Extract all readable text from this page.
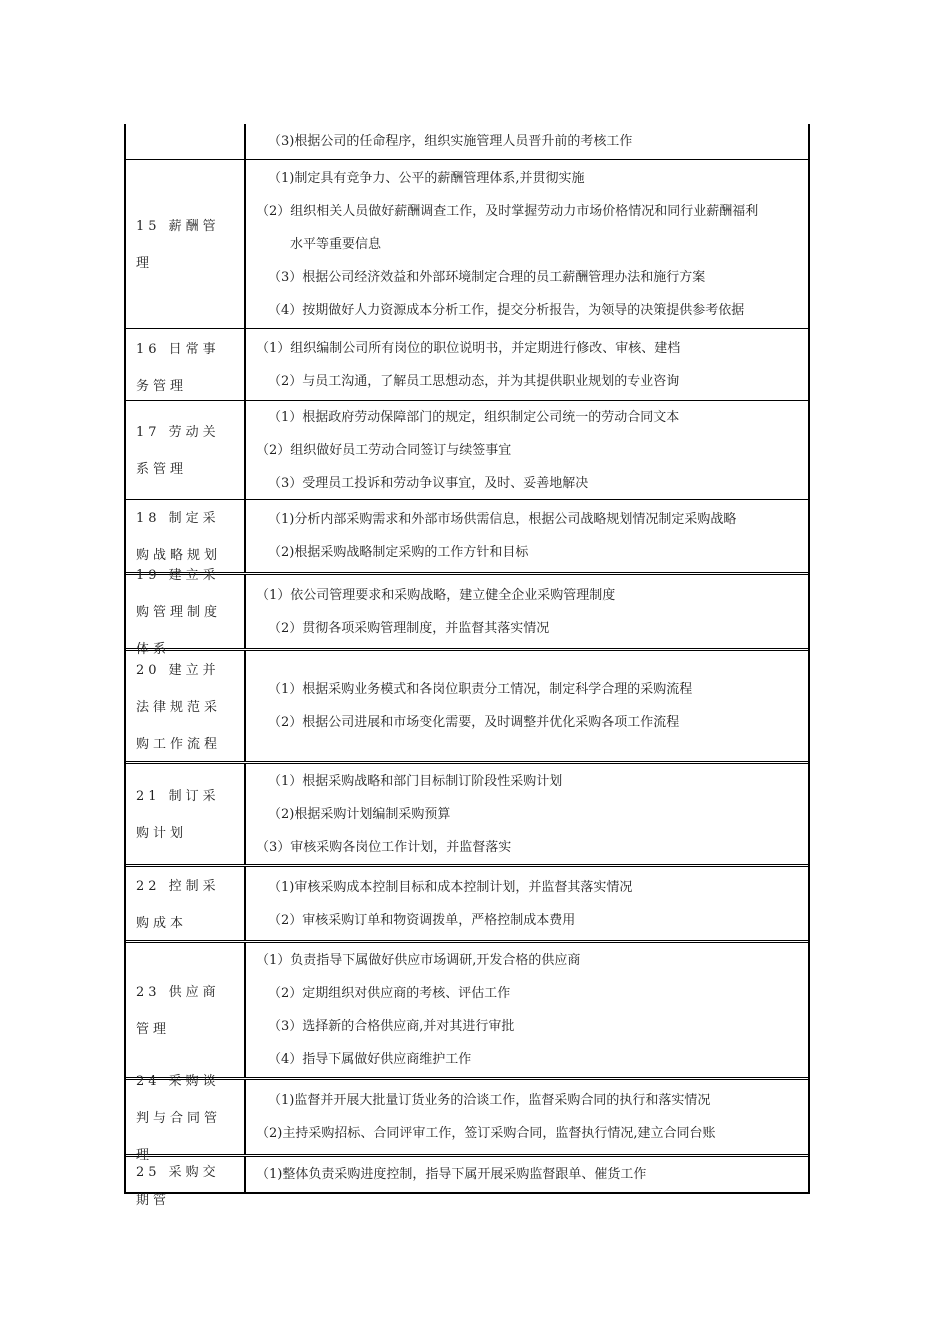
（3)根据公司的任命程序，组织实施管理人员晋升前的考核工作
15 薪酬管理
（1)制定具有竞争力、公平的薪酬管理体系,并贯彻实施
（2）组织相关人员做好薪酬调查工作，及时掌握劳动力市场价格情况和同行业薪酬福利
水平等重要信息
（3）根据公司经济效益和外部环境制定合理的员工薪酬管理办法和施行方案
（4）按期做好人力资源成本分析工作，提交分析报告，为领导的决策提供参考依据
16 日常事务管理
（1）组织编制公司所有岗位的职位说明书，并定期进行修改、审核、建档
（2）与员工沟通，了解员工思想动态，并为其提供职业规划的专业咨询
17 劳动关系管理
（1）根据政府劳动保障部门的规定，组织制定公司统一的劳动合同文本
（2）组织做好员工劳动合同签订与续签事宜
（3）受理员工投诉和劳动争议事宜，及时、妥善地解决
18 制定采购战略规划
（1)分析内部采购需求和外部市场供需信息，根据公司战略规划情况制定采购战略
（2)根据采购战略制定采购的工作方针和目标
19 建立采购管理制度体系
（1）依公司管理要求和采购战略，建立健全企业采购管理制度
（2）贯彻各项采购管理制度，并监督其落实情况
20 建立并法律规范采购工作流程
（1）根据采购业务模式和各岗位职责分工情况，制定科学合理的采购流程
（2）根据公司进展和市场变化需要，及时调整并优化采购各项工作流程
21 制订采购计划
（1）根据采购战略和部门目标制订阶段性采购计划
（2)根据采购计划编制采购预算
（3）审核采购各岗位工作计划，并监督落实
22 控制采购成本
（1)审核采购成本控制目标和成本控制计划，并监督其落实情况
（2）审核采购订单和物资调拨单，严格控制成本费用
23 供应商管理
（1）负责指导下属做好供应市场调研,开发合格的供应商
（2）定期组织对供应商的考核、评估工作
（3）选择新的合格供应商,并对其进行审批
（4）指导下属做好供应商维护工作
24 采购谈判与合同管理
（1)监督并开展大批量订货业务的洽谈工作，监督采购合同的执行和落实情况
（2)主持采购招标、合同评审工作，签订采购合同，监督执行情况,建立合同台账
25 采购交期管
（1)整体负责采购进度控制，指导下属开展采购监督跟单、催货工作
